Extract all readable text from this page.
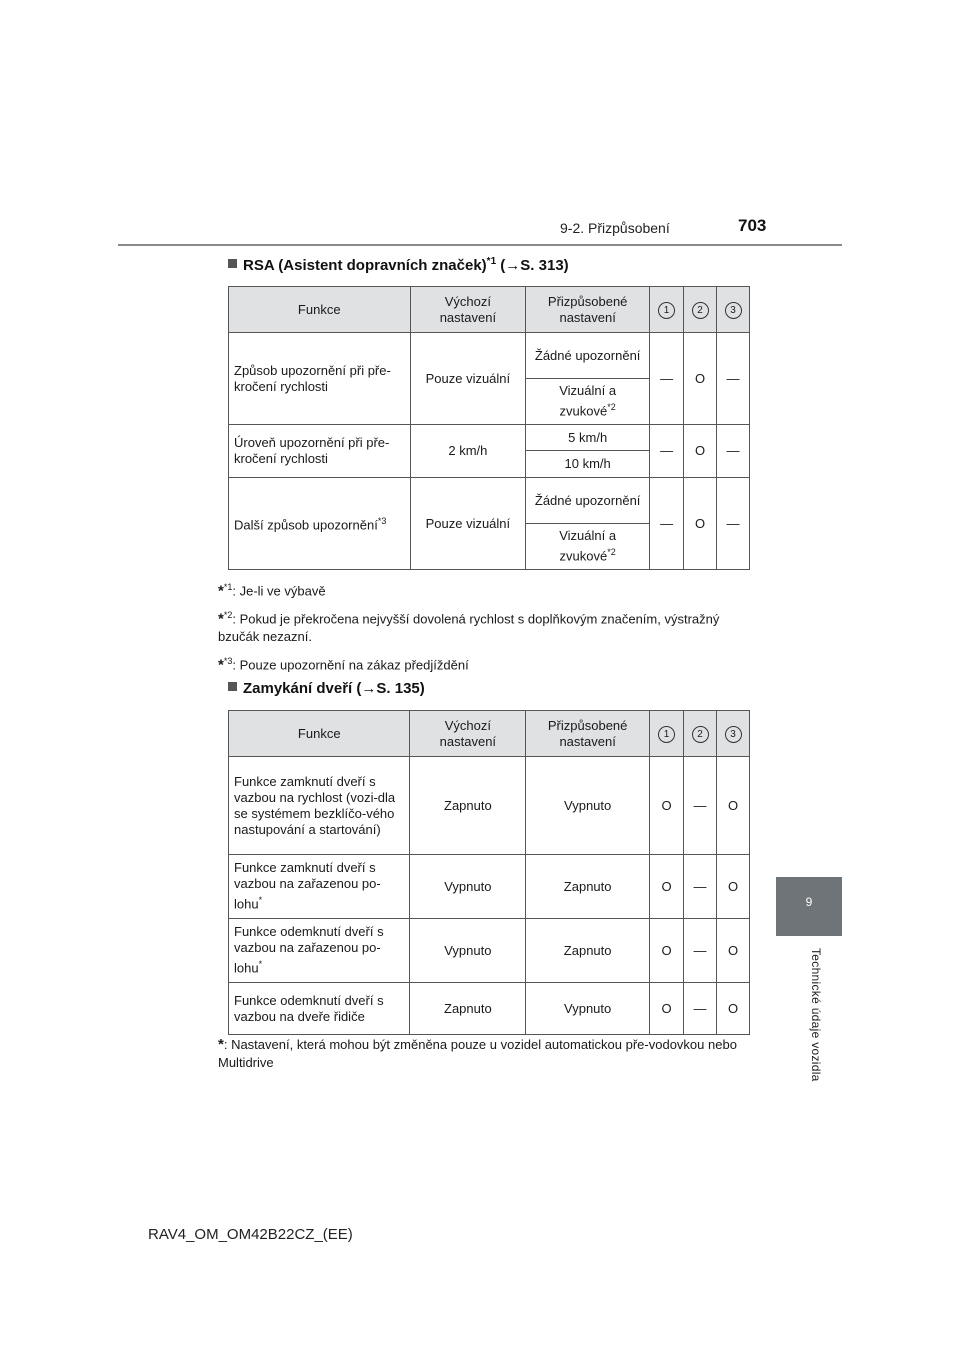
9-2. Přizpůsobení	703
9
Technické údaje vozidla
RSA (Asistent dopravních značek)$^{*1}$ (→S. 313)
Funkce	Výchozí nastavení	Přizpůsobené nastavení	1	2	3
Způsob upozornění při pře-kročení rychlosti	Pouze vizuální	Žádné upozornění	—	O	—
		Vizuální a zvukové$^{*2}$
Úroveň upozornění při pře-kročení rychlosti	2 km/h	5 km/h	—	O	—
		10 km/h			
Další způsob upozornění$^{*3}$	Pouze vizuální	Žádné upozornění	—	O	—
		Vizuální a zvukové$^{*2}$
*$^{*1}$: Je-li ve výbavě
*$^{*2}$: Pokud je překročena nejvyšší dovolená rychlost s doplňkovým značením, výstražný bzučák nezazní.
*$^{*3}$: Pouze upozornění na zákaz předjíždění
Zamykání dveří (→S. 135)
Funkce	Výchozí nastavení	Přizpůsobené nastavení	1	2	3
Funkce zamknutí dveří s vazbou na rychlost (vozi-dla se systémem bezklíčo-vého nastupování a startování)	Zapnuto	Vypnuto	O	—	O
Funkce zamknutí dveří s vazbou na zařazenou po-lohu*	Vypnuto	Zapnuto	O	—	O
Funkce odemknutí dveří s vazbou na zařazenou po-lohu*	Vypnuto	Zapnuto	O	—	O
Funkce odemknutí dveří s vazbou na dveře řidiče	Zapnuto	Vypnuto	O	—	O
*: Nastavení, která mohou být změněna pouze u vozidel automatickou pře-vodovkou nebo Multidrive
RAV4_OM_OM42B22CZ_(EE)
